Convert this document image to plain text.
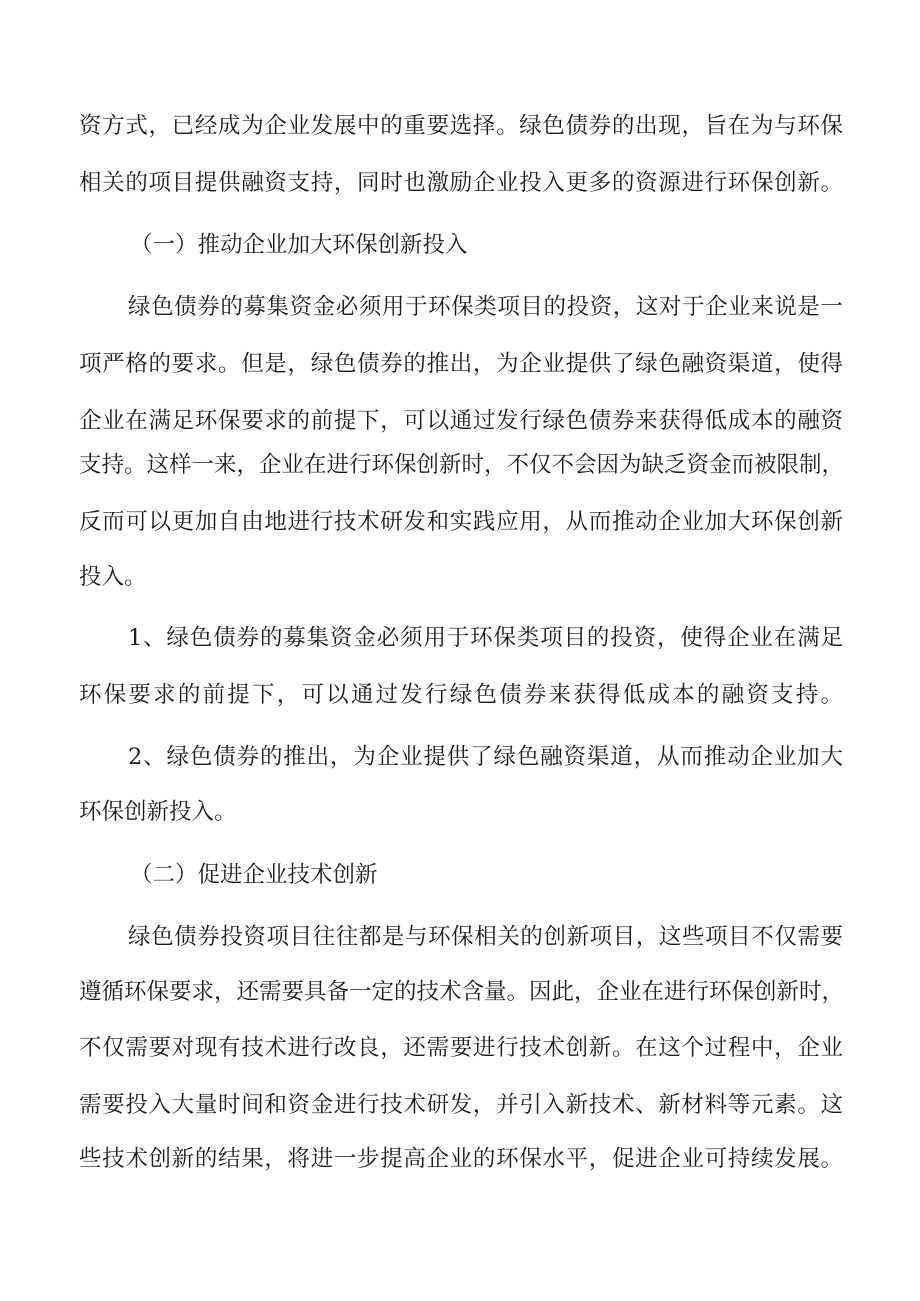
资方式，已经成为企业发展中的重要选择。绿色债券的出现，旨在为与环保
相关的项目提供融资支持，同时也激励企业投入更多的资源进行环保创新。
（一）推动企业加大环保创新投入
绿色债券的募集资金必须用于环保类项目的投资，这对于企业来说是一
项严格的要求。但是，绿色债券的推出，为企业提供了绿色融资渠道，使得
企业在满足环保要求的前提下，可以通过发行绿色债券来获得低成本的融资
支持。这样一来，企业在进行环保创新时，不仅不会因为缺乏资金而被限制，
反而可以更加自由地进行技术研发和实践应用，从而推动企业加大环保创新
投入。
1、绿色债券的募集资金必须用于环保类项目的投资，使得企业在满足
环保要求的前提下，可以通过发行绿色债券来获得低成本的融资支持。
2、绿色债券的推出，为企业提供了绿色融资渠道，从而推动企业加大
环保创新投入。
（二）促进企业技术创新
绿色债券投资项目往往都是与环保相关的创新项目，这些项目不仅需要
遵循环保要求，还需要具备一定的技术含量。因此，企业在进行环保创新时，
不仅需要对现有技术进行改良，还需要进行技术创新。在这个过程中，企业
需要投入大量时间和资金进行技术研发，并引入新技术、新材料等元素。这
些技术创新的结果，将进一步提高企业的环保水平，促进企业可持续发展。
